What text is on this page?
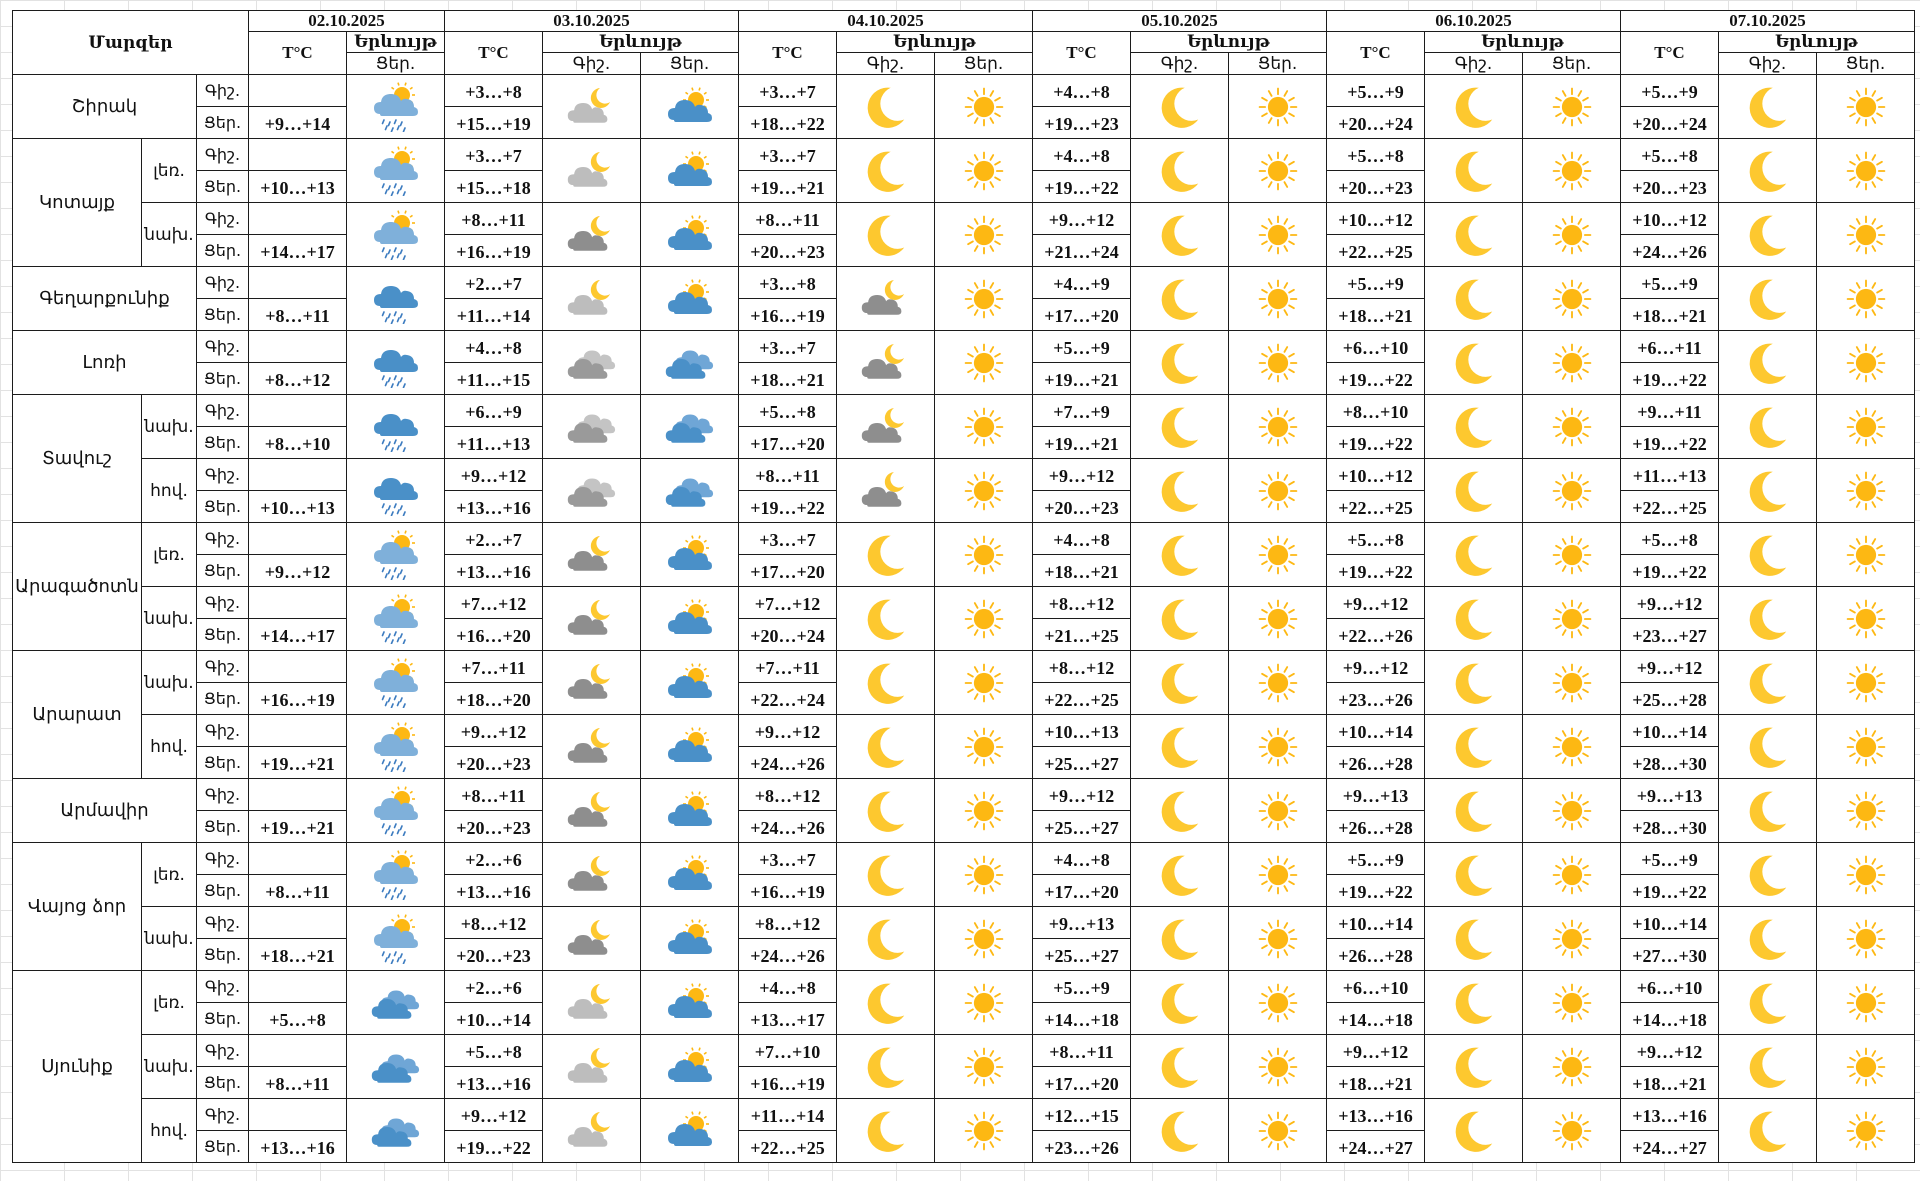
Մարզեր			02.10.2025		03.10.2025			04.10.2025			05.10.2025			06.10.2025			07.10.2025		
			T°C	Երևույթ	T°C	Երևույթ		T°C	Երևույթ		T°C	Երևույթ		T°C	Երևույթ		T°C	Երևույթ	
				Ցեր.		Գիշ.	Ցեր.		Գիշ.	Ցեր.		Գիշ.	Ցեր.		Գիշ.	Ցեր.		Գիշ.	Ցեր.
Շիրակ		Գիշ.			+3…+8			+3…+7			+4…+8			+5…+9			+5…+9	

		Ցեր.	+9…+14		+15…+19			+18…+22			+19…+23			+20…+24			+20…+24		
Կոտայք	լեռ.	Գիշ.			+3…+7			+3…+7			+4…+8			+5…+8			+5…+8	

		Ցեր.	+10…+13		+15…+18			+19…+21			+19…+22			+20…+23			+20…+23		
	նախ.	Գիշ.			+8…+11			+8…+11			+9…+12			+10…+12			+10…+12	

		Ցեր.	+14…+17		+16…+19			+20…+23			+21…+24			+22…+25			+24…+26		
Գեղարքունիք		Գիշ.			+2…+7			+3…+8			+4…+9			+5…+9			+5…+9	

		Ցեր.	+8…+11		+11…+14			+16…+19			+17…+20			+18…+21			+18…+21		
Լոռի		Գիշ.			+4…+8			+3…+7			+5…+9			+6…+10			+6…+11	

		Ցեր.	+8…+12		+11…+15			+18…+21			+19…+21			+19…+22			+19…+22		
Տավուշ	նախ.	Գիշ.			+6…+9			+5…+8			+7…+9			+8…+10			+9…+11	

		Ցեր.	+8…+10		+11…+13			+17…+20			+19…+21			+19…+22			+19…+22		
	հով.	Գիշ.			+9…+12			+8…+11			+9…+12			+10…+12			+11…+13	

		Ցեր.	+10…+13		+13…+16			+19…+22			+20…+23			+22…+25			+22…+25		
Արագածոտն	լեռ.	Գիշ.			+2…+7			+3…+7			+4…+8			+5…+8			+5…+8	

		Ցեր.	+9…+12		+13…+16			+17…+20			+18…+21			+19…+22			+19…+22		
	նախ.	Գիշ.			+7…+12			+7…+12			+8…+12			+9…+12			+9…+12	

		Ցեր.	+14…+17		+16…+20			+20…+24			+21…+25			+22…+26			+23…+27		
Արարատ	նախ.	Գիշ.			+7…+11			+7…+11			+8…+12			+9…+12			+9…+12	

		Ցեր.	+16…+19		+18…+20			+22…+24			+22…+25			+23…+26			+25…+28		
	հով.	Գիշ.			+9…+12			+9…+12			+10…+13			+10…+14			+10…+14	

		Ցեր.	+19…+21		+20…+23			+24…+26			+25…+27			+26…+28			+28…+30		
Արմավիր		Գիշ.			+8…+11			+8…+12			+9…+12			+9…+13			+9…+13	

		Ցեր.	+19…+21		+20…+23			+24…+26			+25…+27			+26…+28			+28…+30		
Վայոց ձոր	լեռ.	Գիշ.			+2…+6			+3…+7			+4…+8			+5…+9			+5…+9	

		Ցեր.	+8…+11		+13…+16			+16…+19			+17…+20			+19…+22			+19…+22		
	նախ.	Գիշ.			+8…+12			+8…+12			+9…+13			+10…+14			+10…+14	

		Ցեր.	+18…+21		+20…+23			+24…+26			+25…+27			+26…+28			+27…+30		
Սյունիք	լեռ.	Գիշ.			+2…+6			+4…+8			+5…+9			+6…+10			+6…+10	

		Ցեր.	+5…+8		+10…+14			+13…+17			+14…+18			+14…+18			+14…+18		
	նախ.	Գիշ.			+5…+8			+7…+10			+8…+11			+9…+12			+9…+12	

		Ցեր.	+8…+11		+13…+16			+16…+19			+17…+20			+18…+21			+18…+21		
	հով.	Գիշ.			+9…+12			+11…+14			+12…+15			+13…+16			+13…+16	

		Ցեր.	+13…+16		+19…+22			+22…+25			+23…+26			+24…+27			+24…+27		
